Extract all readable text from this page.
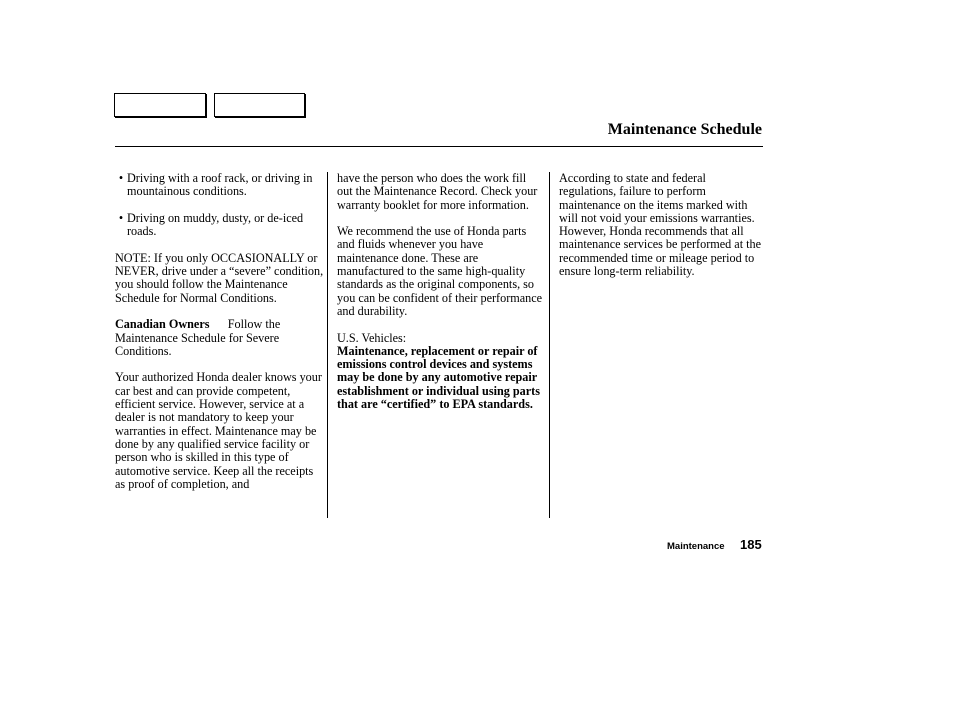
Maintenance Schedule
• Driving with a roof rack, or driving in mountainous conditions.
• Driving on muddy, dusty, or de-iced roads.

NOTE: If you only OCCASIONALLY or NEVER, drive under a “severe” condition, you should follow the Maintenance Schedule for Normal Conditions.

Canadian Owners Follow the Maintenance Schedule for Severe Conditions.

Your authorized Honda dealer knows your car best and can provide competent, efficient service. However, service at a dealer is not mandatory to keep your warranties in effect. Maintenance may be done by any qualified service facility or person who is skilled in this type of automotive service. Keep all the receipts as proof of completion, and

have the person who does the work fill out the Maintenance Record. Check your warranty booklet for more information.

We recommend the use of Honda parts and fluids whenever you have maintenance done. These are manufactured to the same high-quality standards as the original components, so you can be confident of their performance and durability.

U.S. Vehicles:

Maintenance, replacement or repair of emissions control devices and systems may be done by any automotive repair establishment or individual using parts that are “certified” to EPA standards.

According to state and federal regulations, failure to perform maintenance on the items marked with      will not void your emissions warranties. However, Honda recommends that all maintenance services be performed at the recommended time or mileage period to ensure long-term reliability.

Maintenance 185
